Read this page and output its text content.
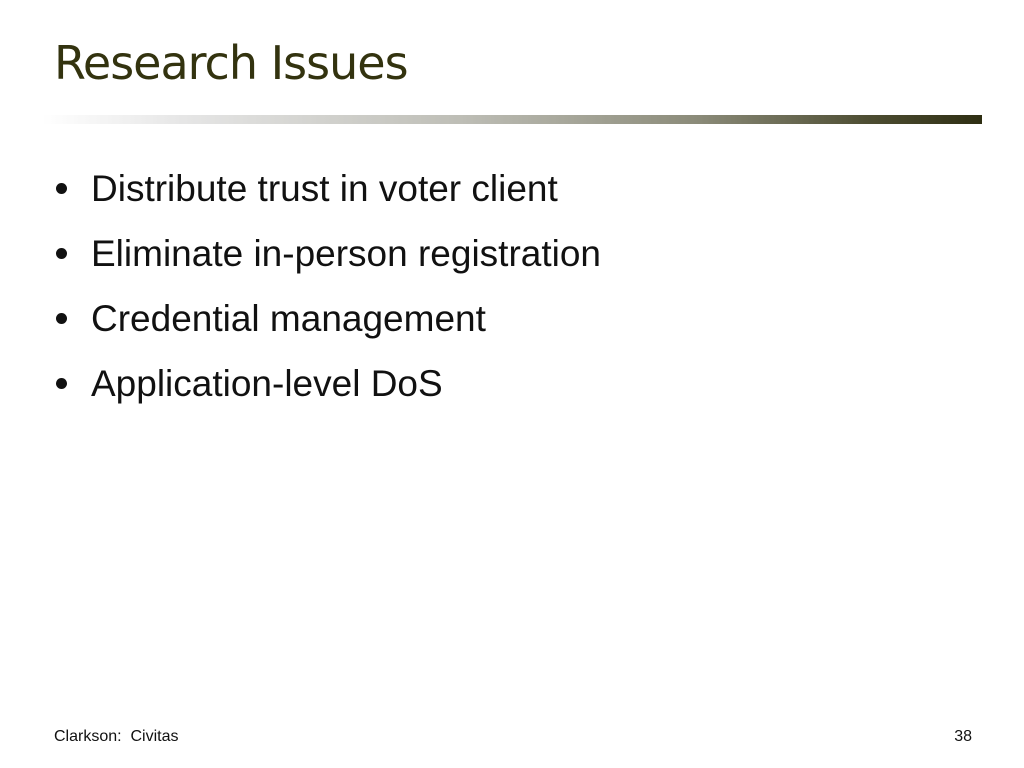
Research Issues
Distribute trust in voter client
Eliminate in-person registration
Credential management
Application-level DoS
Clarkson:  Civitas	38
